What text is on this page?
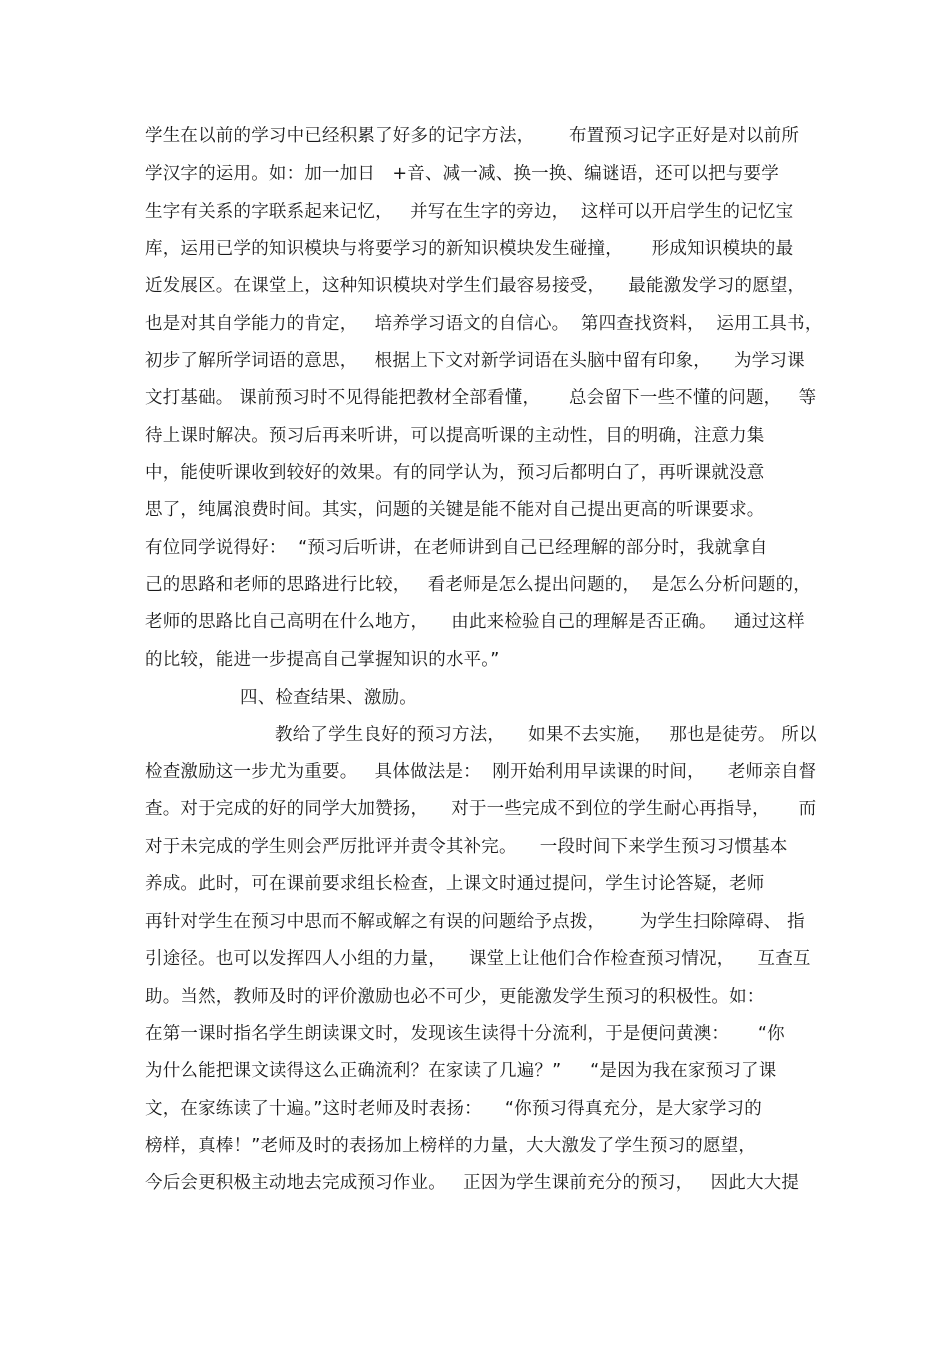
学生在以前的学习中已经积累了好多的记字方法，      布置预习记字正好是对以前所
学汉字的运用。如：加一加日   +音、减一减、换一换、编谜语，还可以把与要学
生字有关系的字联系起来记忆，   并写在生字的旁边，  这样可以开启学生的记忆宝
库，运用已学的知识模块与将要学习的新知识模块发生碰撞，     形成知识模块的最
近发展区。在课堂上，这种知识模块对学生们最容易接受，    最能激发学习的愿望，
也是对其自学能力的肯定，   培养学习语文的自信心。  第四查找资料，  运用工具书，
初步了解所学词语的意思，   根据上下文对新学词语在头脑中留有印象，    为学习课
文打基础。 课前预习时不见得能把教材全部看懂，     总会留下一些不懂的问题，   等
待上课时解决。预习后再来听讲，可以提高听课的主动性，目的明确，注意力集
中，能使听课收到较好的效果。有的同学认为，预习后都明白了，再听课就没意
思了，纯属浪费时间。其实，问题的关键是能不能对自己提出更高的听课要求。
有位同学说得好：  “预习后听讲，在老师讲到自己已经理解的部分时，我就拿自
己的思路和老师的思路进行比较，   看老师是怎么提出问题的，  是怎么分析问题的，
老师的思路比自己高明在什么地方，    由此来检验自己的理解是否正确。   通过这样
的比较，能进一步提高自己掌握知识的水平。”
四、检查结果、激励。
教给了学生良好的预习方法，    如果不去实施，   那也是徒劳。 所以
检查激励这一步尤为重要。   具体做法是：  刚开始利用早读课的时间，    老师亲自督
查。对于完成的好的同学大加赞扬，    对于一些完成不到位的学生耐心再指导，     而
对于未完成的学生则会严厉批评并责令其补完。    一段时间下来学生预习习惯基本
养成。此时，可在课前要求组长检查，上课文时通过提问，学生讨论答疑，老师
再针对学生在预习中思而不解或解之有误的问题给予点拨，      为学生扫除障碍、 指
引途径。也可以发挥四人小组的力量，    课堂上让他们合作检查预习情况，    互查互
助。当然，教师及时的评价激励也必不可少，更能激发学生预习的积极性。如：
在第一课时指名学生朗读课文时，发现该生读得十分流利，于是便问黄澳：     “你
为什么能把课文读得这么正确流利？在家读了几遍？”     “是因为我在家预习了课
文，在家练读了十遍。”这时老师及时表扬：    “你预习得真充分，是大家学习的
榜样，真棒！”老师及时的表扬加上榜样的力量，大大激发了学生预习的愿望，
今后会更积极主动地去完成预习作业。   正因为学生课前充分的预习，   因此大大提
